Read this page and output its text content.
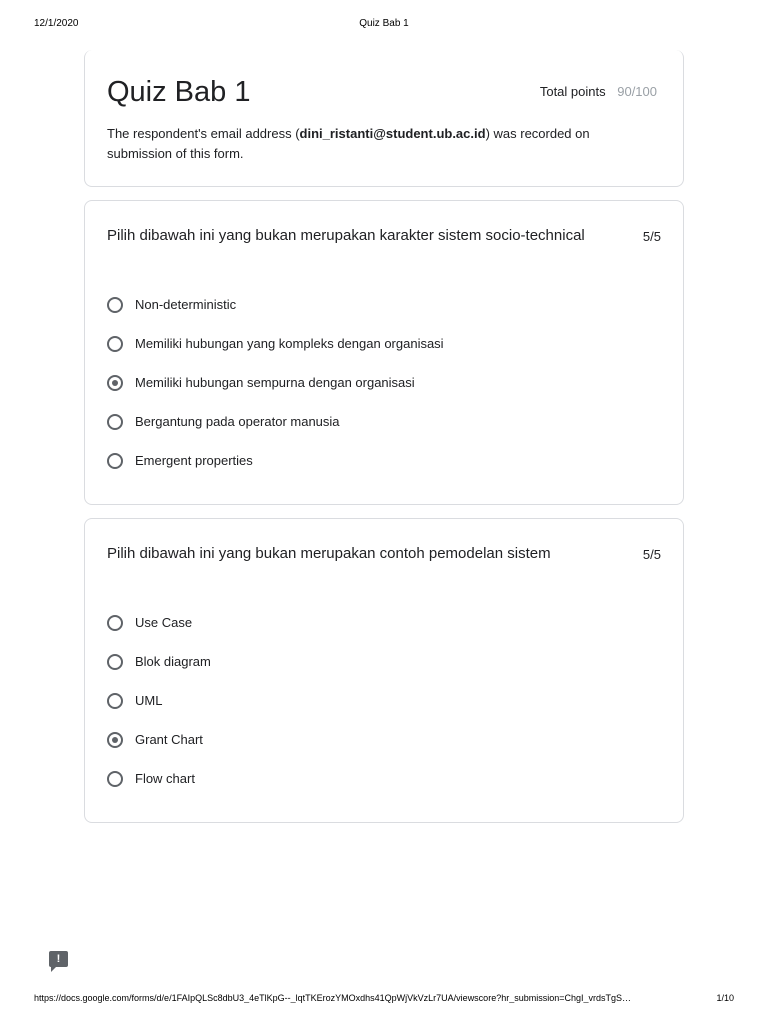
12/1/2020	Quiz Bab 1
Quiz Bab 1	Total points 90/100
The respondent's email address (dini_ristanti@student.ub.ac.id) was recorded on submission of this form.
Pilih dibawah ini yang bukan merupakan karakter sistem socio-technical	5/5
Non-deterministic
Memiliki hubungan yang kompleks dengan organisasi
Memiliki hubungan sempurna dengan organisasi
Bergantung pada operator manusia
Emergent properties
Pilih dibawah ini yang bukan merupakan contoh pemodelan sistem	5/5
Use Case
Blok diagram
UML
Grant Chart
Flow chart
!
https://docs.google.com/forms/d/e/1FAIpQLSc8dbU3_4eTlKpG--_lqtTKErozYMOxdhs41QpWjVkVzLr7UA/viewscore?hr_submission=ChgI_vrdsTgS…	1/10
